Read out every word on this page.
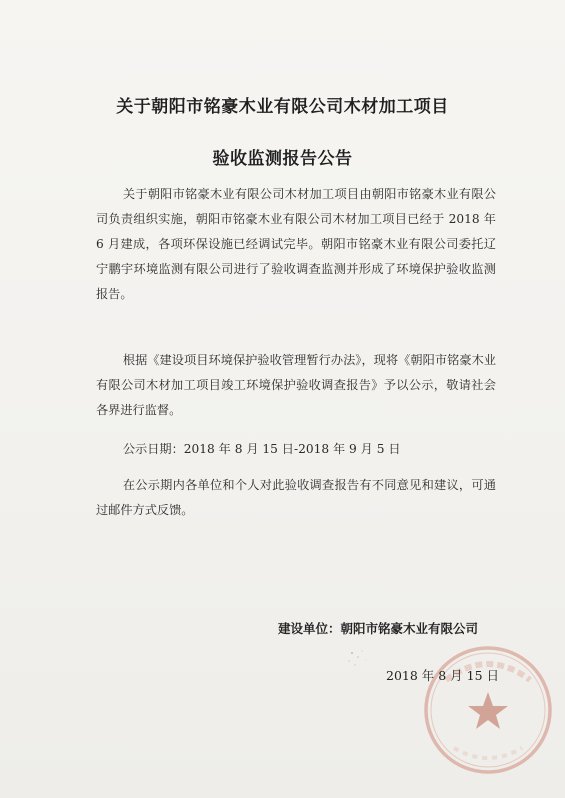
关于朝阳市铭豪木业有限公司木材加工项目
验收监测报告公告
关于朝阳市铭豪木业有限公司木材加工项目由朝阳市铭豪木业有限公司负责组织实施，朝阳市铭豪木业有限公司木材加工项目已经于 2018 年 6 月建成，各项环保设施已经调试完毕。朝阳市铭豪木业有限公司委托辽宁鹏宇环境监测有限公司进行了验收调查监测并形成了环境保护验收监测报告。
根据《建设项目环境保护验收管理暂行办法》，现将《朝阳市铭豪木业有限公司木材加工项目竣工环境保护验收调查报告》予以公示，敬请社会各界进行监督。
公示日期：2018 年 8 月 15 日-2018 年 9 月 5 日
在公示期内各单位和个人对此验收调查报告有不同意见和建议，可通过邮件方式反馈。
建设单位：朝阳市铭豪木业有限公司
2018 年 8 月 15 日
